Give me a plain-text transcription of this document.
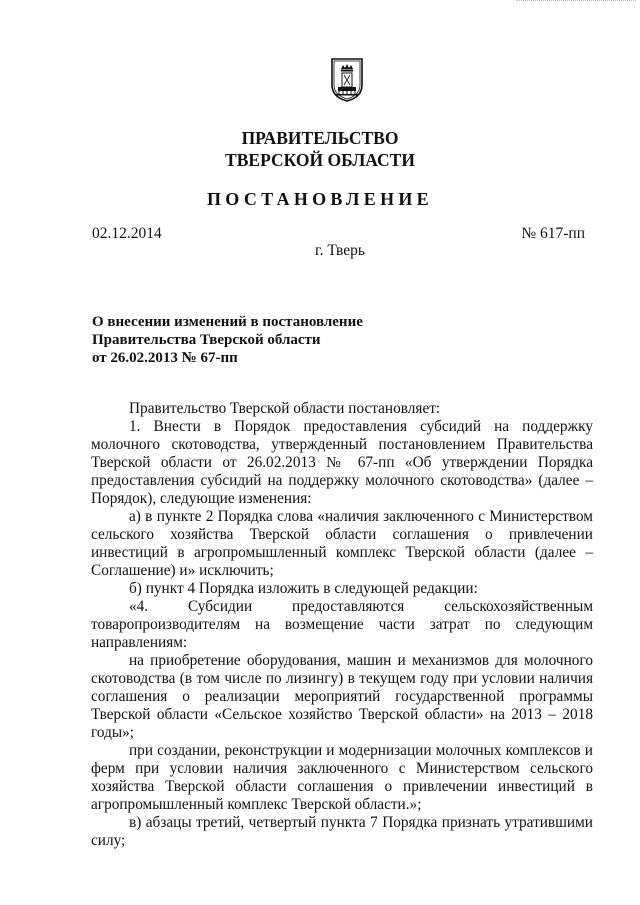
ПРАВИТЕЛЬСТВО
ТВЕРСКОЙ ОБЛАСТИ
ПОСТАНОВЛЕНИЕ
02.12.2014	№ 617-пп
г. Тверь
О внесении изменений в постановление
Правительства Тверской области
от 26.02.2013 № 67-пп

Правительство Тверской области постановляет:

1. Внести в Порядок предоставления субсидий на поддержку молочного скотоводства, утвержденный постановлением Правительства Тверской области от 26.02.2013 № 67-пп «Об утверждении Порядка предоставления субсидий на поддержку молочного скотоводства» (далее – Порядок), следующие изменения:

а) в пункте 2 Порядка слова «наличия заключенного с Министерством сельского хозяйства Тверской области соглашения о привлечении инвестиций в агропромышленный комплекс Тверской области (далее – Соглашение) и» исключить;

б) пункт 4 Порядка изложить в следующей редакции:

«4. Субсидии предоставляются сельскохозяйственным товаропроизводителям на возмещение части затрат по следующим направлениям:

на приобретение оборудования, машин и механизмов для молочного скотоводства (в том числе по лизингу) в текущем году при условии наличия соглашения о реализации мероприятий государственной программы Тверской области «Сельское хозяйство Тверской области» на 2013 – 2018 годы»;

при создании, реконструкции и модернизации молочных комплексов и ферм при условии наличия заключенного с Министерством сельского хозяйства Тверской области соглашения о привлечении инвестиций в агропромышленный комплекс Тверской области.»;

в) абзацы третий, четвертый пункта 7 Порядка признать утратившими силу;
